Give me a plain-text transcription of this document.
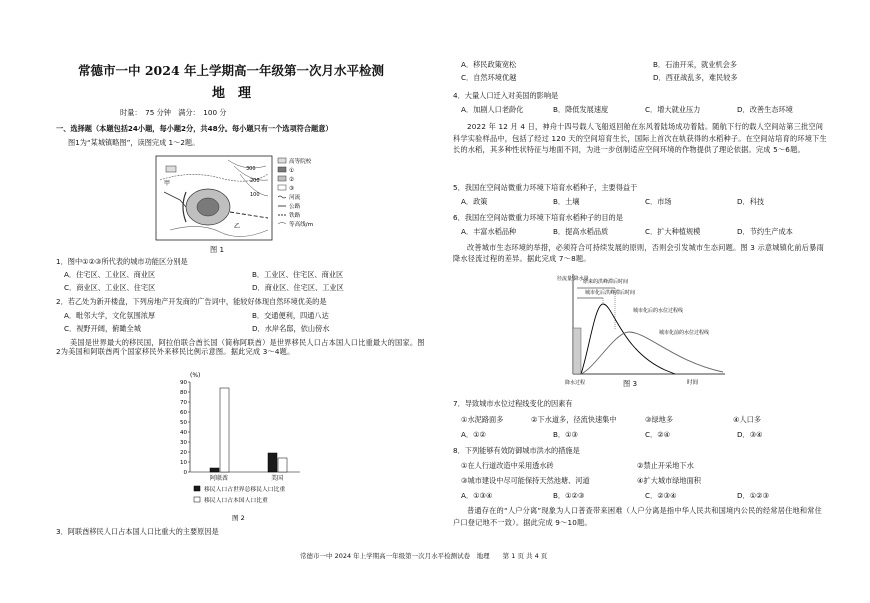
常德市一中 2024 年上学期高一年级第一次月水平检测
地　理
时量：　75 分钟　满分：　100 分
一、选择题（本题包括24小题，每小题2分，共48分。每小题只有一个选项符合题意）
图1为“某城镇略图”，读图完成 1～2题。
甲
乙
300
200
100
高等院校
①
②
③
河流
公路
铁路
等高线/m
图 1
1．图中①②③所代表的城市功能区分别是
A．住宅区、工业区、商业区	B．工业区、住宅区、商业区
C．商业区、工业区、住宅区	D．商业区、住宅区、工业区
2．若乙处为新开楼盘，下列房地产开发商的广告词中，能较好体现自然环境优美的是
A．毗邻大学，文化氛围浓厚	B．交通便利，四通八达
C．视野开阔，俯瞰全城	D．水岸名邸，依山傍水
美国是世界最大的移民国，阿拉伯联合酋长国（简称阿联酋）是世界移民人口占本国人口比重最大的国家。图2为美国和阿联酋两个国家移民外来移民比例示意图。据此完成 3～4题。
(%)
0
10
20
30
40
50
60
70
80
90
阿联酋	美国
移民人口占世界总移民人口比重
移民人口占本国人口比重
图 2
3．阿联酋移民人口占本国人口比重大的主要原因是
A．移民政策宽松	B．石油开采，就业机会多
C．自然环境优越	D．西亚战乱多，难民较多
4．大量人口迁入对美国的影响是
A．加剧人口老龄化	B．降低发展速度	C．增大就业压力	D．改善生态环境
2022 年 12 月 4 日，神舟十四号载人飞船返回舱在东风着陆场成功着陆。随航下行的载人空间站第三批空间科学实验样品中，包括了经过 120 天的空间培育生长，国际上首次在轨获得的水稻种子。在空间站培育的环境下生长的水稻，其多种性状特征与地面不同，为进一步创制适应空间环境的作物提供了理论依据。完成 5～6题。
5．我国在空间站微重力环境下培育水稻种子，主要得益于
A．政策	B．土壤	C．市场	D．科技
6．我国在空间站微重力环境下培育水稻种子的目的是
A．丰富水稻品种	B．提高水稻品质	C．扩大种植规模	D．节约生产成本
改善城市生态环境的举措，必须符合可持续发展的原则，否则会引发城市生态问题。图 3 示意城镇化前后暴雨降水径流过程的差异。据此完成 7～8题。
径流量\降水量
降水过程	时间
原来的洪峰滞后时间
城市化后洪峰滞后时间
城市化后的水位过程线
城市化前的水位过程线
图 3
7．导致城市水位过程线变化的因素有
①水泥路面多	②下水道多，径流快速集中	③绿地多	④人口多
A．①②	B．①③	C．②④	D．③④
8．下列能够有效防御城市洪水的措施是
①在人行道改造中采用透水砖	②禁止开采地下水
③城市建设中尽可能保持天然池塘、河道	④扩大城市绿地面积
A．①③④	B．①②③	C．②③④	D．①②③
普通存在的“人户分离”现象为人口普查带来困难（人户分离是指中华人民共和国境内公民的经常居住地和常住户口登记地不一致）。据此完成 9～10题。
常德市一中 2024 年上学期高一年级第一次月水平检测试卷　地理　　第 1 页 共 4 页
